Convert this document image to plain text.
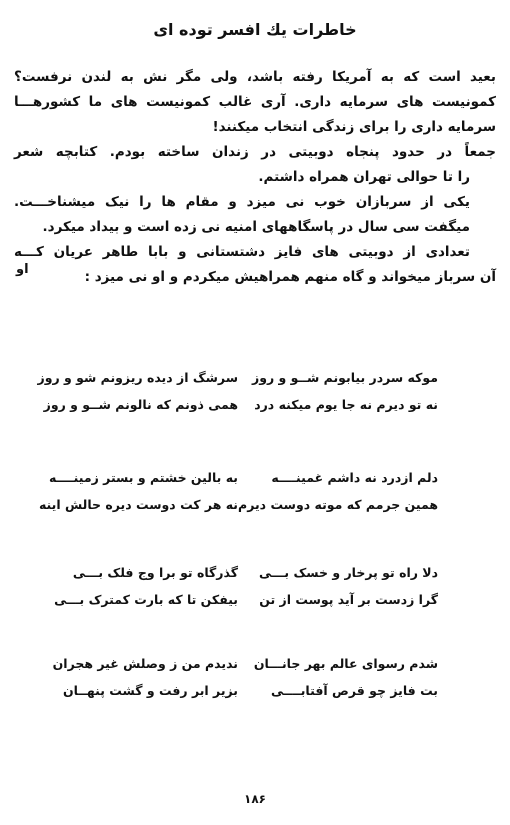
خاطرات يك افسر توده ای

بعید است که به آمریکا رفته باشد، ولی مگر نش به لندن نرفست؟

کمونیست های سرمایه داری. آری غالب کمونیست های ما کشورهـــا

سرمایه داری را برای زندگی انتخاب میکنند!

جمعاً در حدود پنجاه دوبیتی در زندان ساخته بودم. کتابچه شعر

را تا حوالی تهران همراه داشتم.

یکی از سربازان خوب نی میزد و مقام ها را نیک میشناخـــت.

میگفت سی سال در پاسگاههای امنیه نی زده است و بیداد میکرد.

تعدادی از دوبیتی های فایز دشتستانی و بابا طاهر عریان کـــه

آن سرباز میخواند و گاه منهم همراهیش میکردم و او نی میزد :

او
موکه سردر بیابونم شــو و روز
سرشگ از دیده ریزونم شو و روز
نه تو دیرم نه جا یوم میکنه درد
همی ذونم که نالونم شــو و روز
دلم ازدرد نه داشم غمینــــه
به بالین خشتم و بستر زمینــــه
همین جرمم که موته دوست دیرم
نه هر کت دوست دیره حالش اینه
دلا راه تو پرخار و خسک بـــی
گذرگاه تو برا وج فلک بـــی
گرا زدست بر آید پوست از تن
بیفکن تا که بارت کمترک بـــی
شدم رسوای عالم بهر جانـــان
ندیدم من ز وصلش غیر هجران
بت فایز چو قرص آفتابــــی
بزیر ابر رفت و گشت پنهــان
۱۸۶
